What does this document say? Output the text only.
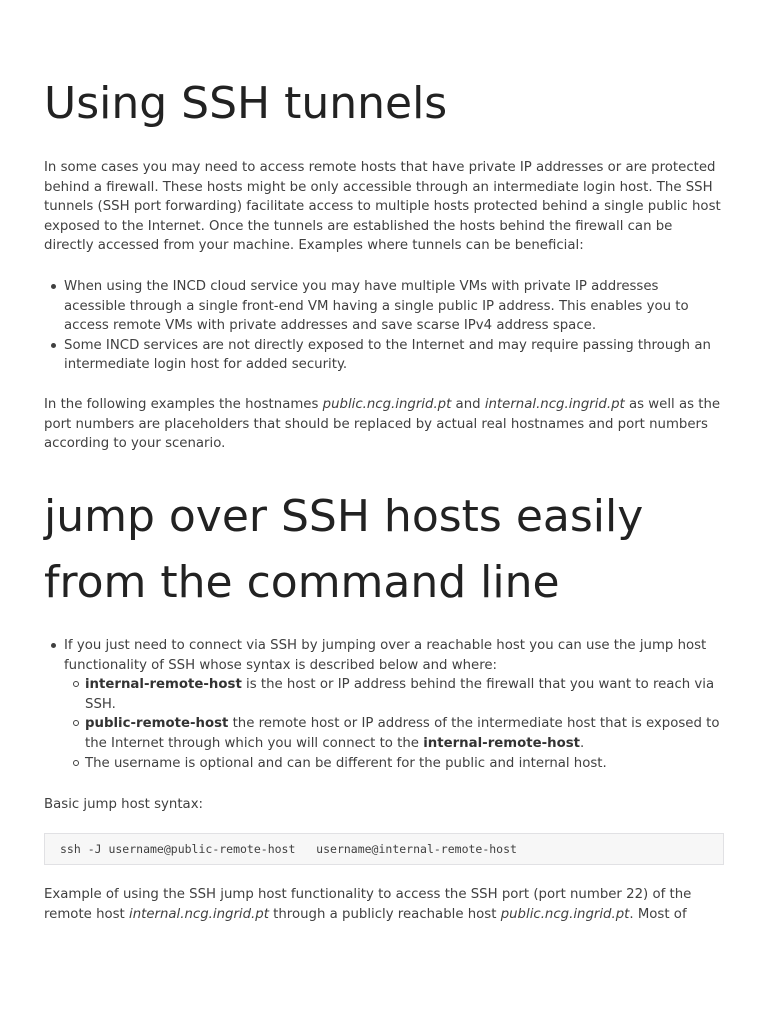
Using SSH tunnels

In some cases you may need to access remote hosts that have private IP addresses or are protected behind a firewall. These hosts might be only accessible through an intermediate login host. The SSH tunnels (SSH port forwarding) facilitate access to multiple hosts protected behind a single public host exposed to the Internet. Once the tunnels are established the hosts behind the firewall can be directly accessed from your machine. Examples where tunnels can be beneficial:

When using the INCD cloud service you may have multiple VMs with private IP addresses acessible through a single front-end VM having a single public IP address. This enables you to access remote VMs with private addresses and save scarse IPv4 address space.
Some INCD services are not directly exposed to the Internet and may require passing through an intermediate login host for added security.

In the following examples the hostnames public.ncg.ingrid.pt and internal.ncg.ingrid.pt as well as the port numbers are placeholders that should be replaced by actual real hostnames and port numbers according to your scenario.

jump over SSH hosts easily from the command line
If you just need to connect via SSH by jumping over a reachable host you can use the jump host functionality of SSH whose syntax is described below and where:
internal-remote-host is the host or IP address behind the firewall that you want to reach via SSH.
public-remote-host the remote host or IP address of the intermediate host that is exposed to the Internet through which you will connect to the internal-remote-host.
The username is optional and can be different for the public and internal host.

Basic jump host syntax:

ssh -J username@public-remote-host   username@internal-remote-host

Example of using the SSH jump host functionality to access the SSH port (port number 22) of the remote host internal.ncg.ingrid.pt through a publicly reachable host public.ncg.ingrid.pt. Most of
